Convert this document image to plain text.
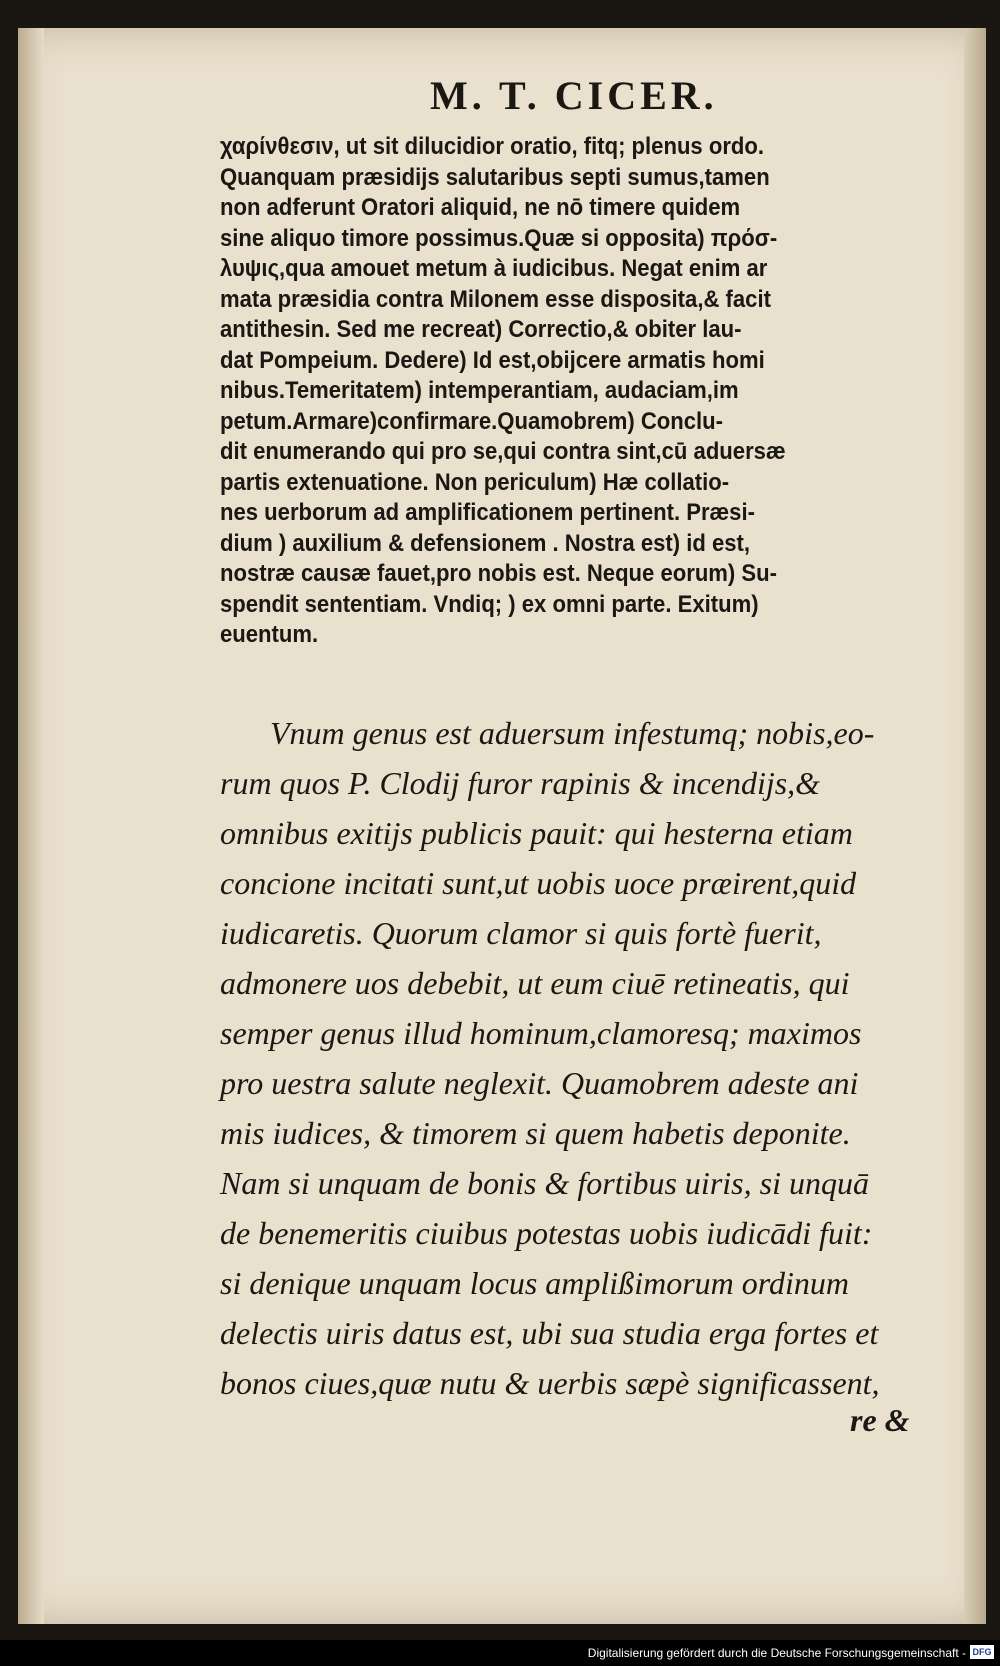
M. T. CICER.
χαρίνθεσιν, ut sit dilucidior oratio, fitq; plenus ordo.
Quanquam præsidijs salutaribus septi sumus,tamen
non adferunt Oratori aliquid, ne nō timere quidem
sine aliquo timore possimus.Quæ si opposita) πρόσ-
λυψις,qua amouet metum à iudicibus. Negat enim ar
mata præsidia contra Milonem esse disposita,& facit
antithesin. Sed me recreat) Correctio,& obiter lau-
dat Pompeium. Dedere) Id est,obijcere armatis homi
nibus.Temeritatem) intemperantiam, audaciam,im
petum.Armare)confirmare.Quamobrem) Conclu-
dit enumerando qui pro se,qui contra sint,cū aduersæ
partis extenuatione. Non periculum) Hæ collatio-
nes uerborum ad amplificationem pertinent. Præsi-
dium ) auxilium & defensionem . Nostra est) id est,
nostræ causæ fauet,pro nobis est. Neque eorum) Su-
spendit sententiam. Vndiq; ) ex omni parte. Exitum)
euentum.
Vnum genus est aduersum infestumq; nobis,eo-
rum quos P. Clodij furor rapinis & incendijs,&
omnibus exitijs publicis pauit: qui hesterna etiam
concione incitati sunt,ut uobis uoce præirent,quid
iudicaretis. Quorum clamor si quis fortè fuerit,
admonere uos debebit, ut eum ciuē retineatis, qui
semper genus illud hominum,clamoresq; maximos
pro uestra salute neglexit. Quamobrem adeste ani
mis iudices, & timorem si quem habetis deponite.
Nam si unquam de bonis & fortibus uiris, si unquā
de benemeritis ciuibus potestas uobis iudicādi fuit:
si denique unquam locus amplißimorum ordinum
delectis uiris datus est, ubi sua studia erga fortes et
bonos ciues,quæ nutu & uerbis sæpè significassent,
re &
Digitalisierung gefördert durch die Deutsche Forschungsgemeinschaft - DFG
